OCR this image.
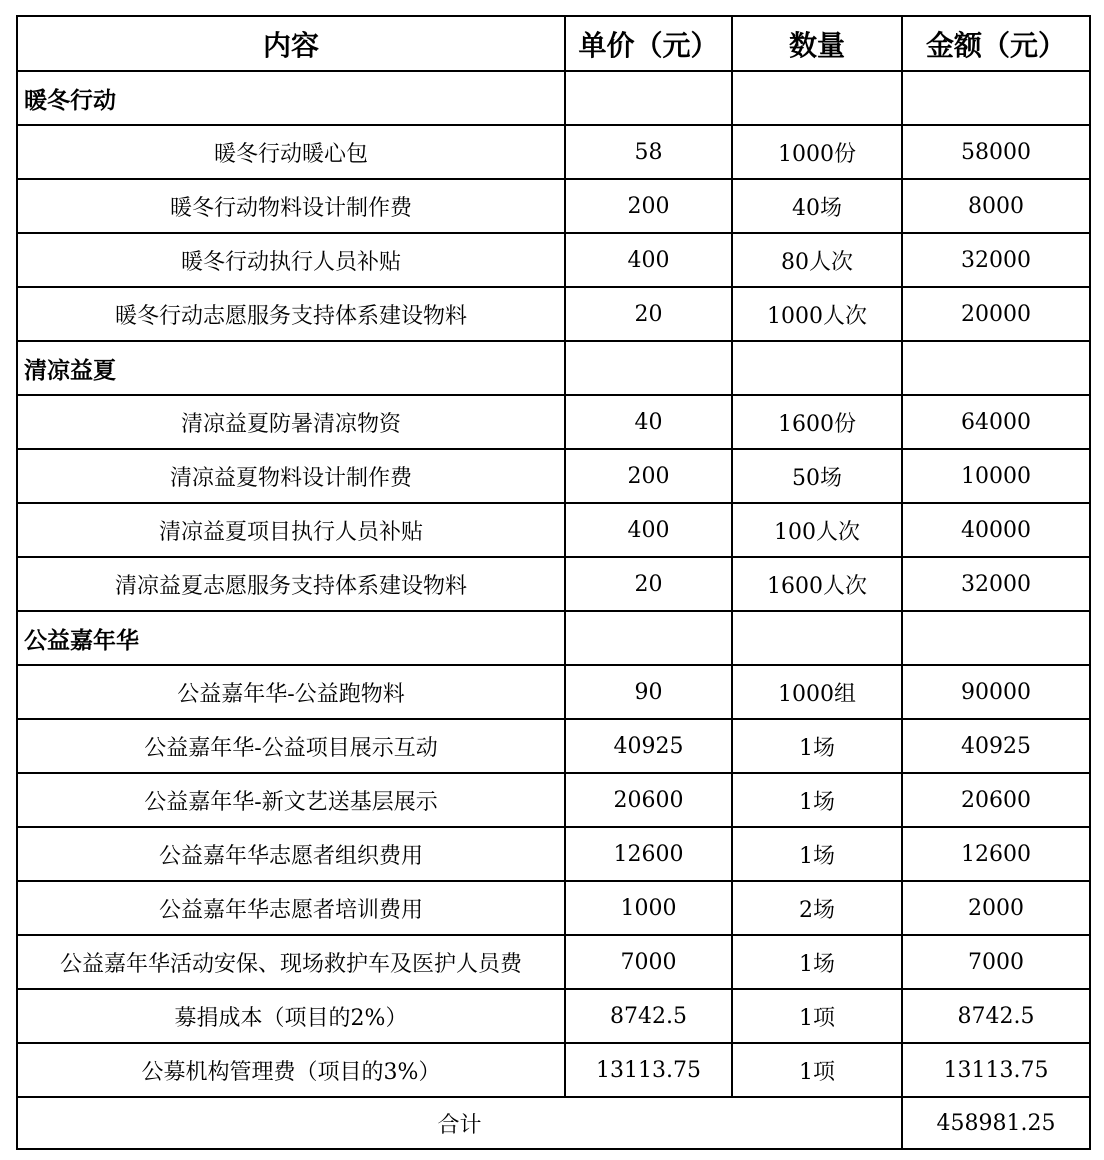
内容	单价（元）	数量	金额（元）
暖冬行动			
暖冬行动暖心包	58	1000份	58000
暖冬行动物料设计制作费	200	40场	8000
暖冬行动执行人员补贴	400	80人次	32000
暖冬行动志愿服务支持体系建设物料	20	1000人次	20000
清凉益夏			
清凉益夏防暑清凉物资	40	1600份	64000
清凉益夏物料设计制作费	200	50场	10000
清凉益夏项目执行人员补贴	400	100人次	40000
清凉益夏志愿服务支持体系建设物料	20	1600人次	32000
公益嘉年华			
公益嘉年华-公益跑物料	90	1000组	90000
公益嘉年华-公益项目展示互动	40925	1场	40925
公益嘉年华-新文艺送基层展示	20600	1场	20600
公益嘉年华志愿者组织费用	12600	1场	12600
公益嘉年华志愿者培训费用	1000	2场	2000
公益嘉年华活动安保、现场救护车及医护人员费	7000	1场	7000
募捐成本（项目的2%）	8742.5	1项	8742.5
公募机构管理费（项目的3%）	13113.75	1项	13113.75
合计			458981.25
